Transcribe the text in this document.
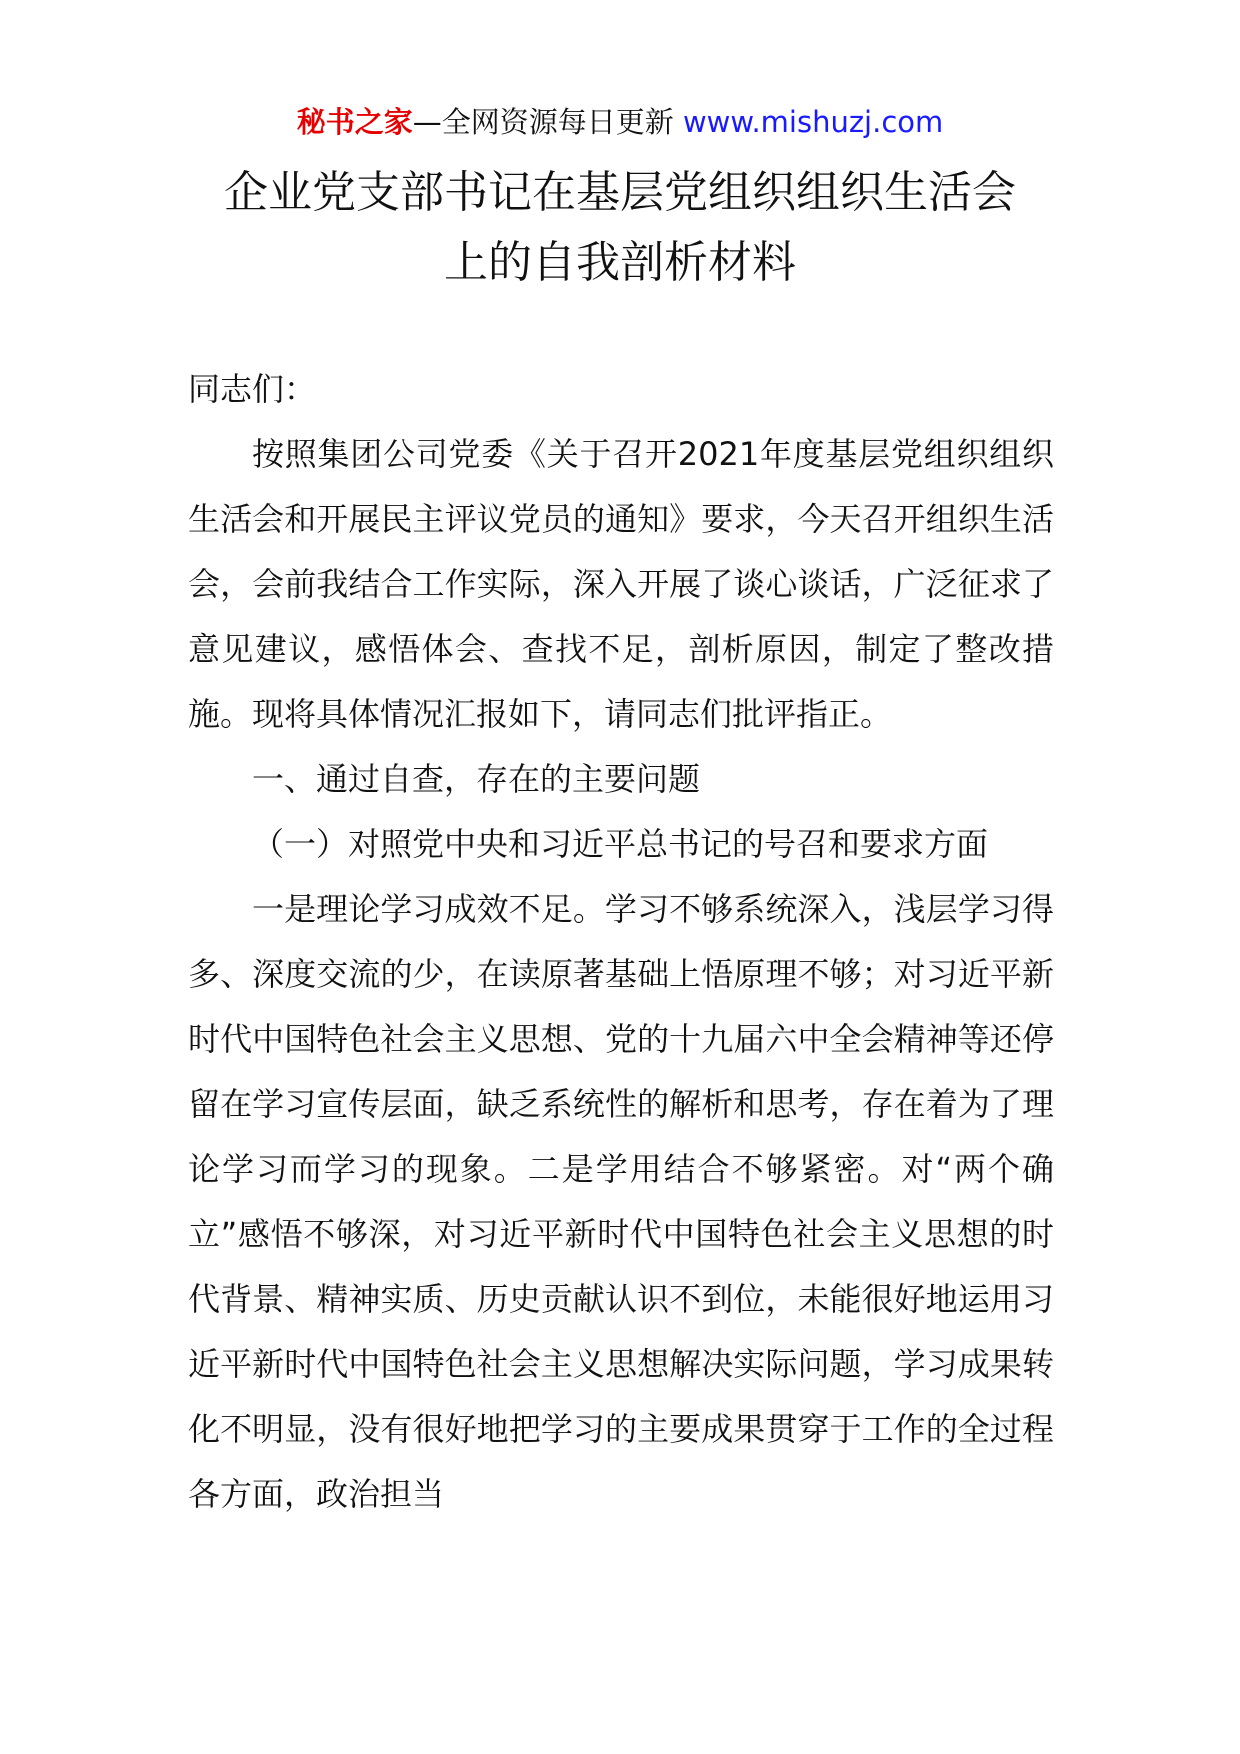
秘书之家—全网资源每日更新 www.mishuzj.com
企业党支部书记在基层党组织组织生活会
上的自我剖析材料

同志们：

按照集团公司党委《关于召开2021年度基层党组织组织生活会和开展民主评议党员的通知》要求，今天召开组织生活会，会前我结合工作实际，深入开展了谈心谈话，广泛征求了意见建议，感悟体会、查找不足，剖析原因，制定了整改措施。现将具体情况汇报如下，请同志们批评指正。

一、通过自查，存在的主要问题

（一）对照党中央和习近平总书记的号召和要求方面

一是理论学习成效不足。学习不够系统深入，浅层学习得多、深度交流的少，在读原著基础上悟原理不够；对习近平新时代中国特色社会主义思想、党的十九届六中全会精神等还停留在学习宣传层面，缺乏系统性的解析和思考，存在着为了理论学习而学习的现象。二是学用结合不够紧密。对“两个确立”感悟不够深，对习近平新时代中国特色社会主义思想的时代背景、精神实质、历史贡献认识不到位，未能很好地运用习近平新时代中国特色社会主义思想解决实际问题，学习成果转化不明显，没有很好地把学习的主要成果贯穿于工作的全过程各方面，政治担当
